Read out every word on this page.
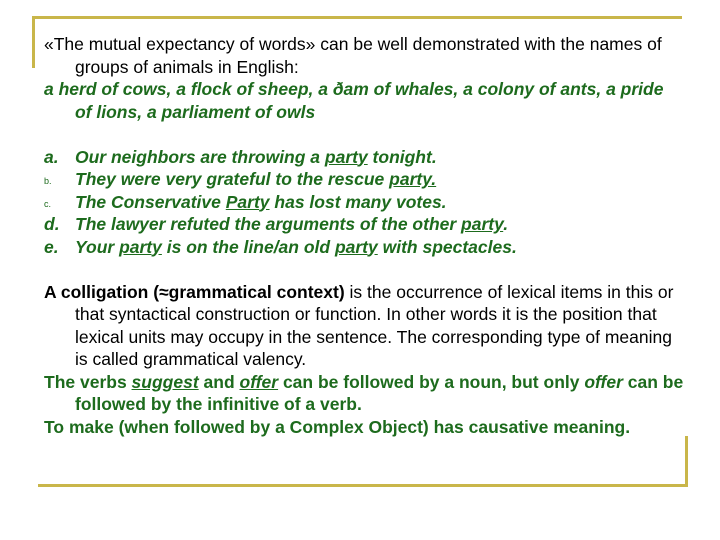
«The mutual expectancy of words» can be well demonstrated with the names of groups of animals in English:

a herd of cows, a flock of sheep, a ðam of whales, a colony of ants, a pride of lions, a parliament of owls

a. Our neighbors are throwing a party tonight.
b. They were very grateful to the rescue party.
c. The Conservative Party has lost many votes.
d. The lawyer refuted the arguments of the other party.
e. Your party is on the line/an old party with spectacles.

A colligation (≈grammatical context) is the occurrence of lexical items in this or that syntactical construction or function. In other words it is the position that lexical units may occupy in the sentence. The corresponding type of meaning is called grammatical valency.

The verbs suggest and offer can be followed by a noun, but only offer can be followed by the infinitive of a verb.

To make (when followed by a Complex Object) has causative meaning.
